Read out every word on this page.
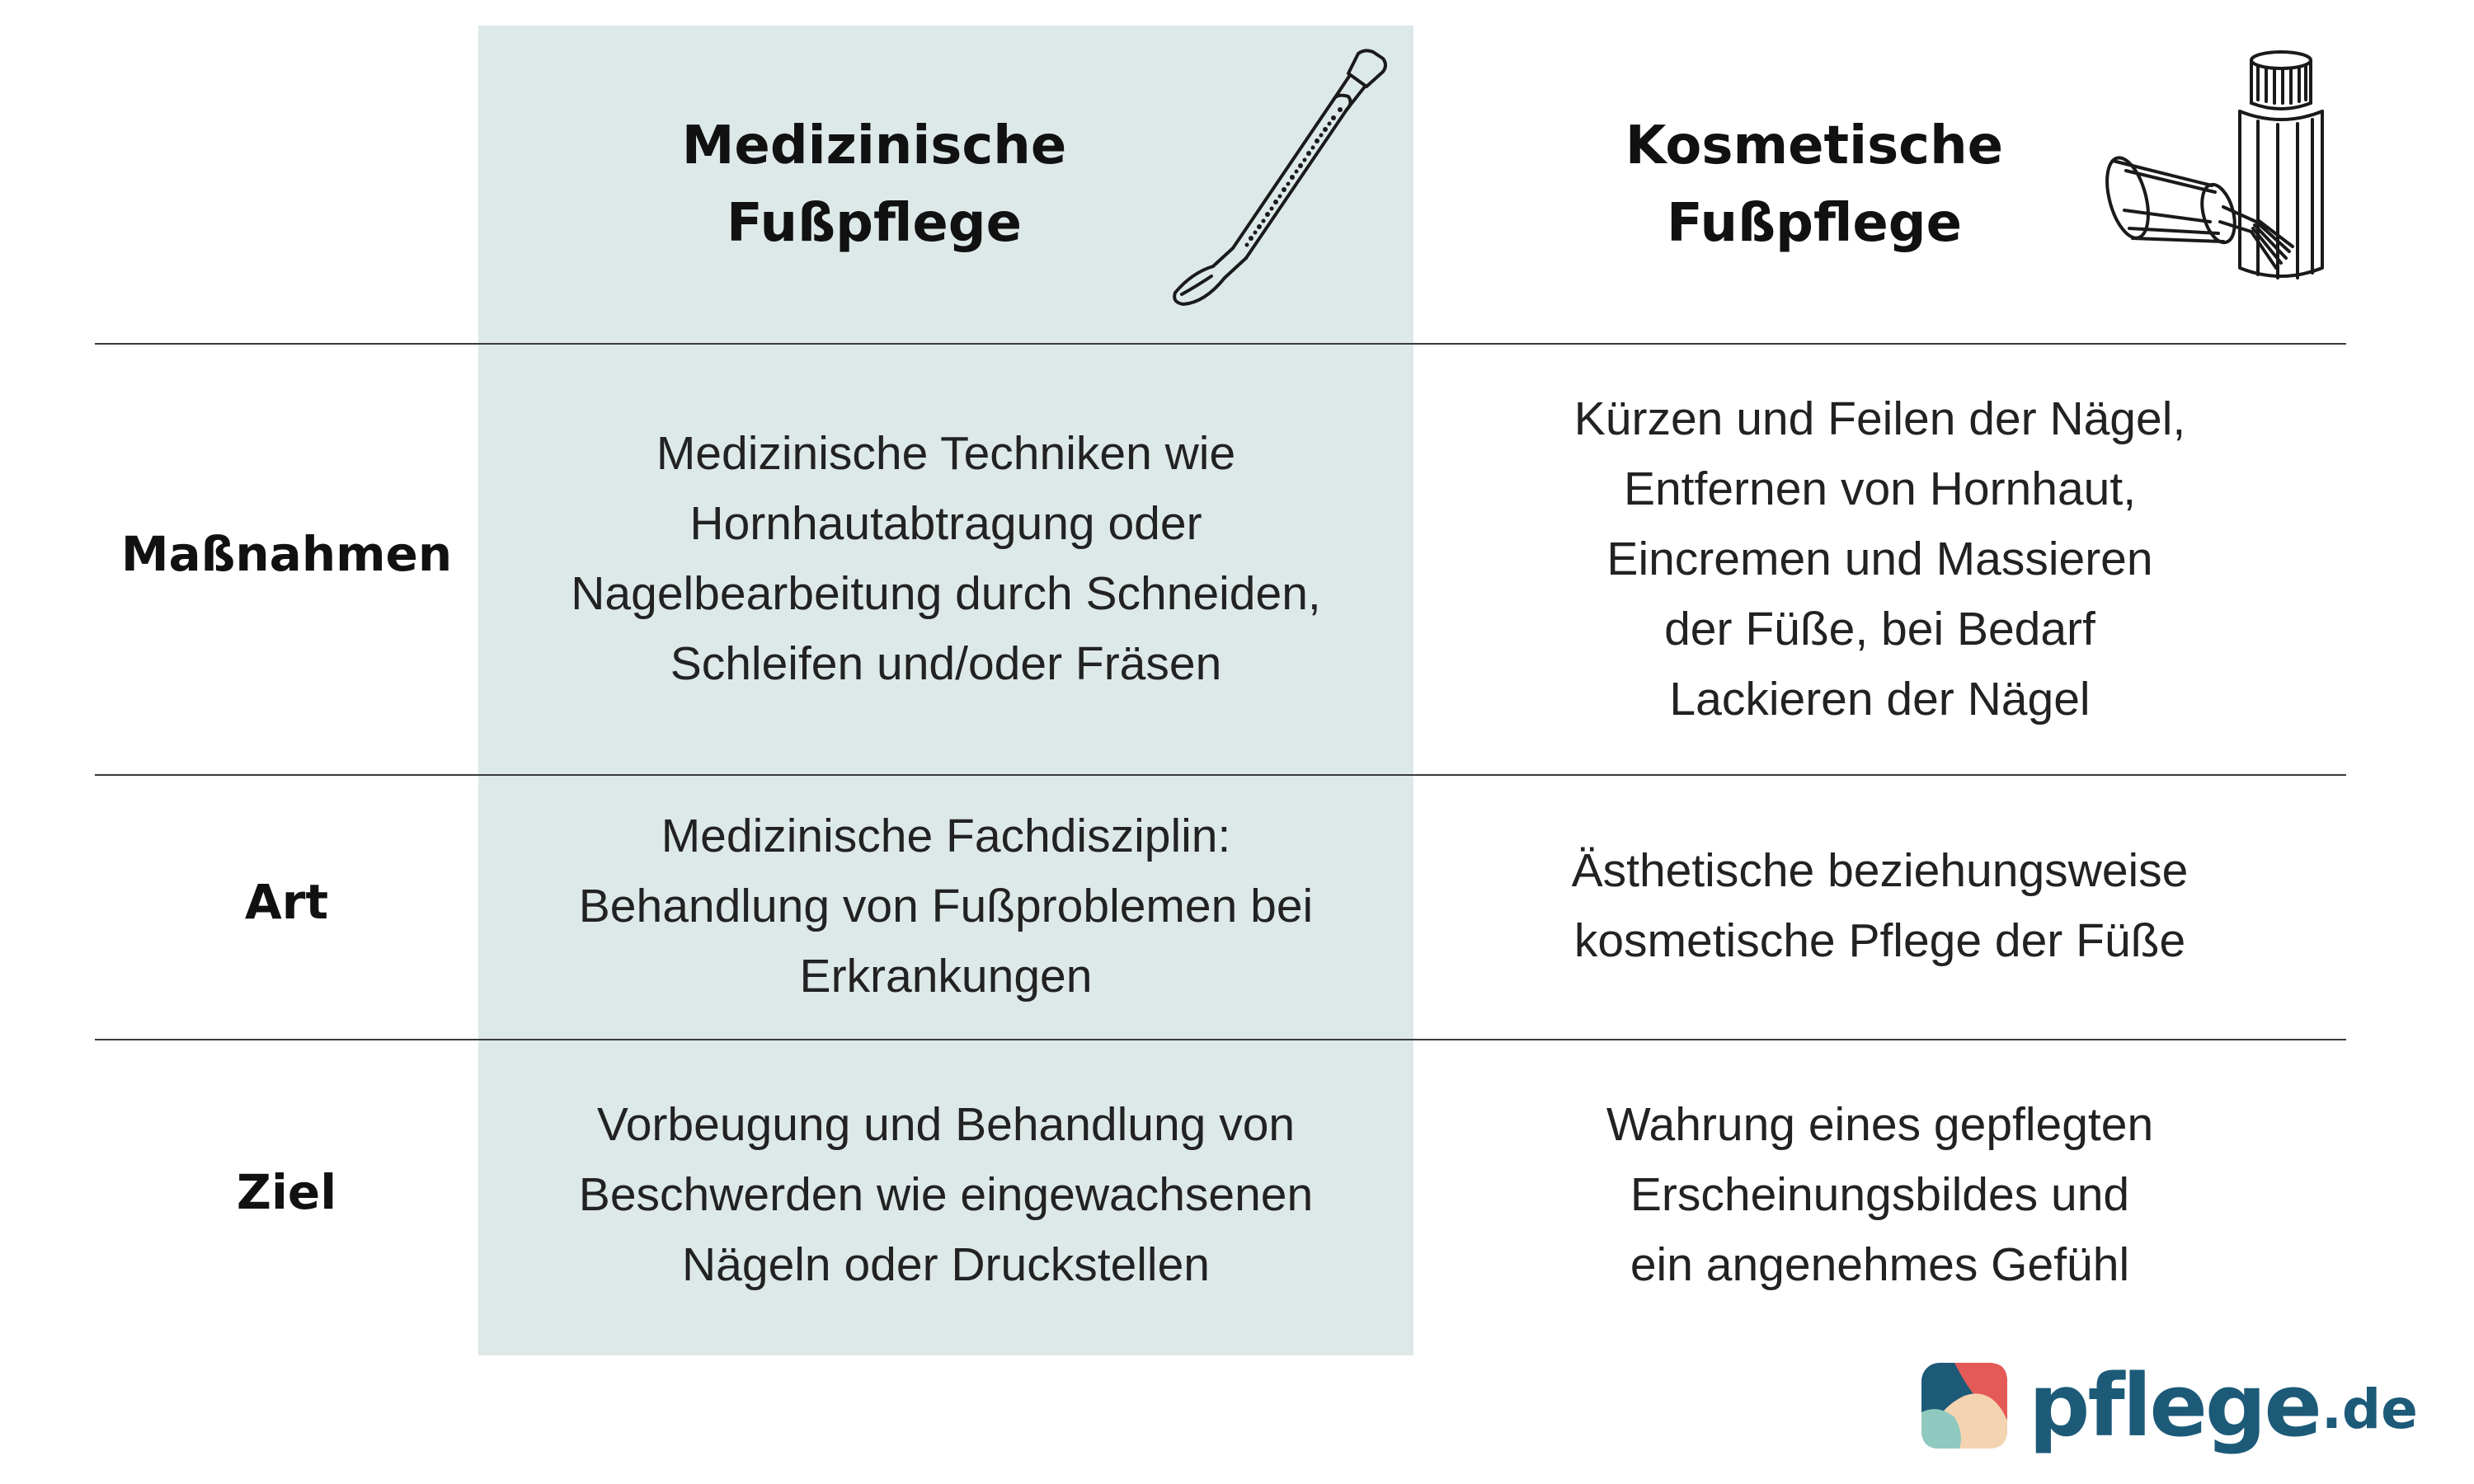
Medizinische
Fußpflege
Kosmetische
Fußpflege
Maßnahmen
Medizinische Techniken wie
Hornhautabtragung oder
Nagelbearbeitung durch Schneiden,
Schleifen und/oder Fräsen
Kürzen und Feilen der Nägel,
Entfernen von Hornhaut,
Eincremen und Massieren
der Füße, bei Bedarf
Lackieren der Nägel
Art
Medizinische Fachdisziplin:
Behandlung von Fußproblemen bei
Erkrankungen
Ästhetische beziehungsweise
kosmetische Pflege der Füße
Ziel
Vorbeugung und Behandlung von
Beschwerden wie eingewachsenen
Nägeln oder Druckstellen
Wahrung eines gepflegten
Erscheinungsbildes und
ein angenehmes Gefühl
pflege .de
